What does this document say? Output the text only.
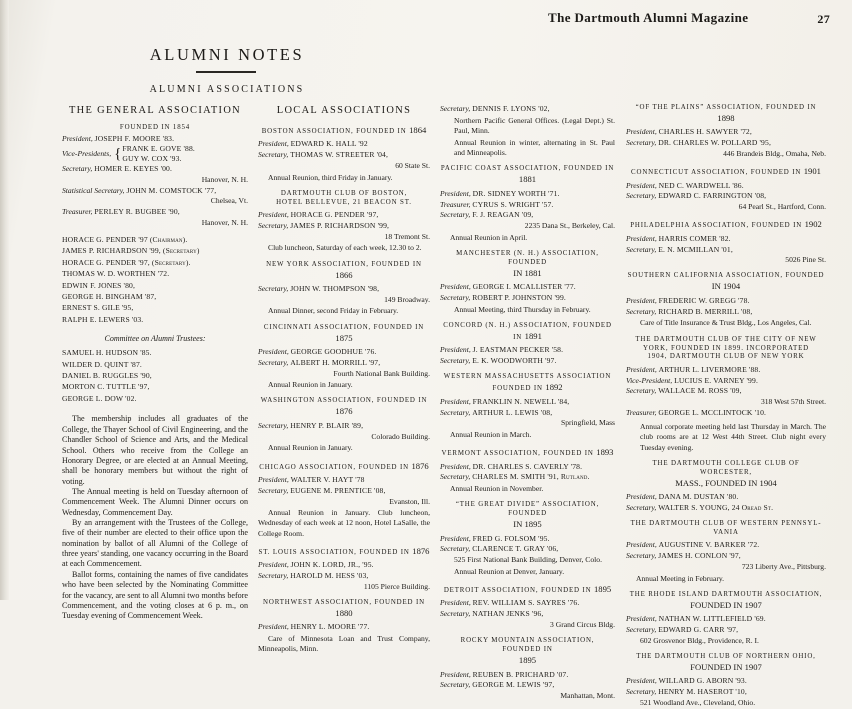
The Dartmouth Alumni Magazine	27
ALUMNI NOTES
ALUMNI ASSOCIATIONS
THE GENERAL ASSOCIATION
FOUNDED IN 1854
President, JOSEPH F. MOORE '83.
Vice-Presidents, { FRANK E. GOVE '88.
GUY W. COX '93.
Secretary, HOMER E. KEYES '00.
Hanover, N. H.
Statistical Secretary, JOHN M. COMSTOCK '77,
Chelsea, Vt.
Treasurer, PERLEY R. BUGBEE '90,
Hanover, N. H.
HORACE G. PENDER '97 (Chairman).
JAMES P. RICHARDSON '99, (Secretary)
HORACE G. PENDER '97, (Secretary).
THOMAS W. D. WORTHEN '72.
EDWIN F. JONES '80,
GEORGE H. BINGHAM '87,
ERNEST S. GILE '95,
RALPH E. LEWERS '03.
Committee on Alumni Trustees:
SAMUEL H. HUDSON '85.
WILDER D. QUINT '87.
DANIEL B. RUGGLES '90,
MORTON C. TUTTLE '97,
GEORGE L. DOW '02.

The membership includes all graduates of the College, the Thayer School of Civil Engineering, and the Chandler School of Science and Arts, and the Medical School. Others who receive from the College an Honorary Degree, or are elected at an Annual Meeting, shall be honorary members but without the right of voting.

The Annual meeting is held on Tuesday afternoon of Commencement Week. The Alumni Dinner occurs on Wednesday, Commencement Day.

By an arrangement with the Trustees of the College, five of their number are elected to their office upon the nomination by ballot of all Alumni of the College of three years' standing, one vacancy occurring in the Board at each Commencement.

Ballot forms, containing the names of five candidates who have been selected by the Nominating Committee for the vacancy, are sent to all Alumni two months before Commencement, and the voting closes at 6 p. m., on Tuesday evening of Commencement Week.

LOCAL ASSOCIATIONS
BOSTON ASSOCIATION, FOUNDED IN 1864
President, EDWARD K. HALL '92
Secretary, THOMAS W. STREETER '04,
60 State St.
Annual Reunion, third Friday in January.
DARTMOUTH CLUB OF BOSTON,
HOTEL BELLEVUE, 21 BEACON ST.
President, HORACE G. PENDER '97,
Secretary, JAMES P. RICHARDSON '99,
18 Tremont St.
Club luncheon, Saturday of each week, 12.30 to 2.
NEW YORK ASSOCIATION, FOUNDED IN 1866
Secretary, JOHN W. THOMPSON '98,
149 Broadway.
Annual Dinner, second Friday in February.
CINCINNATI ASSOCIATION, FOUNDED IN 1875
President, GEORGE GOODHUE '76.
Secretary, ALBERT H. MORRILL '97,
Fourth National Bank Building.
Annual Reunion in January.
WASHINGTON ASSOCIATION, FOUNDED IN 1876
Secretary, HENRY P. BLAIR '89,
Colorado Building.
Annual Reunion in January.
CHICAGO ASSOCIATION, FOUNDED IN 1876
President, WALTER V. HAYT '78
Secretary, EUGENE M. PRENTICE '08,
Evanston, Ill.
Annual Reunion in January. Club luncheon, Wednesday of each week at 12 noon, Hotel LaSalle, the College Room.
ST. LOUIS ASSOCIATION, FOUNDED IN 1876
President, JOHN K. LORD, JR., '95.
Secretary, HAROLD M. HESS '03,
1105 Pierce Building.
NORTHWEST ASSOCIATION, FOUNDED IN 1880
President, HENRY L. MOORE '77.
Care of Minnesota Loan and Trust Company, Minneapolis, Minn.
Secretary, DENNIS F. LYONS '02,
Northern Pacific General Offices. (Legal Dept.) St. Paul, Minn.
Annual Reunion in winter, alternating in St. Paul and Minneapolis.
PACIFIC COAST ASSOCIATION, FOUNDED IN 1881
President, DR. SIDNEY WORTH '71.
Treasurer, CYRUS S. WRIGHT '57.
Secretary, F. J. REAGAN '09,
2235 Dana St., Berkeley, Cal.
Annual Reunion in April.
MANCHESTER (N. H.) ASSOCIATION, FOUNDED
IN 1881
President, GEORGE I. MCALLISTER '77.
Secretary, ROBERT P. JOHNSTON '99.
Annual Meeting, third Thursday in February.
CONCORD (N. H.) ASSOCIATION, FOUNDED IN 1891
President, J. EASTMAN PECKER '58.
Secretary, E. K. WOODWORTH '97.
WESTERN MASSACHUSETTS ASSOCIATION
FOUNDED IN 1892
President, FRANKLIN N. NEWELL '84,
Secretary, ARTHUR L. LEWIS '08,
Springfield, Mass
Annual Reunion in March.
VERMONT ASSOCIATION, FOUNDED IN 1893
President, DR. CHARLES S. CAVERLY '78.
Secretary, CHARLES M. SMITH '91, Rutland.
Annual Reunion in November.
“THE GREAT DIVIDE” ASSOCIATION, FOUNDED
IN 1895
President, FRED G. FOLSOM '95.
Secretary, CLARENCE T. GRAY '06,
525 First National Bank Building, Denver, Colo.
Annual Reunion at Denver, January.
DETROIT ASSOCIATION, FOUNDED IN 1895
President, REV. WILLIAM S. SAYRES '76.
Secretary, NATHAN JENKS '96,
3 Grand Circus Bldg.
ROCKY MOUNTAIN ASSOCIATION, FOUNDED IN
1895
President, REUBEN B. PRICHARD '07.
Secretary, GEORGE M. LEWIS '97,
Manhattan, Mont.
“OF THE PLAINS” ASSOCIATION, FOUNDED IN 1898
President, CHARLES H. SAWYER '72,
Secretary, DR. CHARLES W. POLLARD '95,
446 Brandeis Bldg., Omaha, Neb.
CONNECTICUT ASSOCIATION, FOUNDED IN 1901
President, NED C. WARDWELL '86.
Secretary, EDWARD C. FARRINGTON '08,
64 Pearl St., Hartford, Conn.
PHILADELPHIA ASSOCIATION, FOUNDED IN 1902
President, HARRIS COMER '82.
Secretary, E. N. MCMILLAN '01,
5026 Pine St.
SOUTHERN CALIFORNIA ASSOCIATION, FOUNDED
IN 1904
President, FREDERIC W. GREGG '78.
Secretary, RICHARD B. MERRILL '08,
Care of Title Insurance & Trust Bldg., Los Angeles, Cal.
THE DARTMOUTH CLUB OF THE CITY OF NEW
YORK, FOUNDED IN 1899. INCORPORATED
1904, DARTMOUTH CLUB OF NEW YORK
President, ARTHUR L. LIVERMORE '88.
Vice-President, LUCIUS E. VARNEY '99.
Secretary, WALLACE M. ROSS '09,
318 West 57th Street.
Treasurer, GEORGE L. MCCLINTOCK '10.
Annual corporate meeting held last Thursday in March. The club rooms are at 12 West 44th Street. Club night every Tuesday evening.
THE DARTMOUTH COLLEGE CLUB OF WORCESTER,
MASS., FOUNDED IN 1904
President, DANA M. DUSTAN '80.
Secretary, WALTER S. YOUNG, 24 Oread St.
THE DARTMOUTH CLUB OF WESTERN PENNSYL-
VANIA
President, AUGUSTINE V. BARKER '72.
Secretary, JAMES H. CONLON '97,
723 Liberty Ave., Pittsburg.
Annual Meeting in February.
THE RHODE ISLAND DARTMOUTH ASSOCIATION,
FOUNDED IN 1907
President, NATHAN W. LITTLEFIELD '69.
Secretary, EDWARD G. CARR '97,
602 Grosvenor Bldg., Providence, R. I.
THE DARTMOUTH CLUB OF NORTHERN OHIO,
FOUNDED IN 1907
President, WILLARD G. ABORN '93.
Secretary, HENRY M. HASEROT '10,
521 Woodland Ave., Cleveland, Ohio.
